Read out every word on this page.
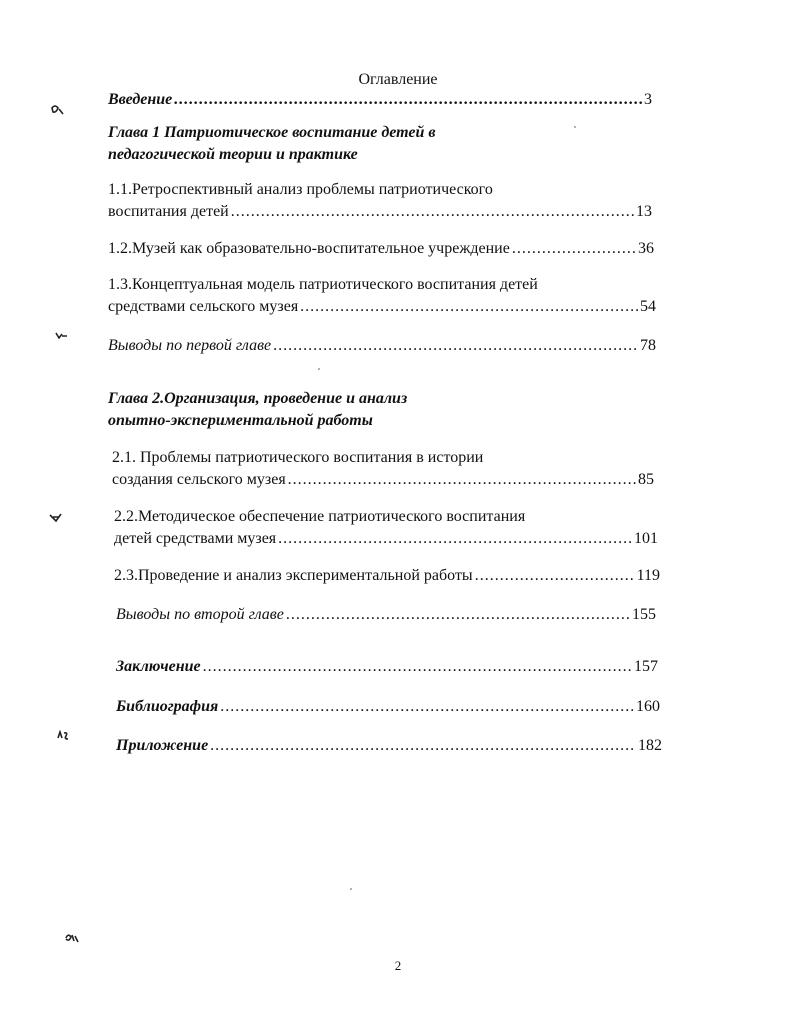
Оглавление
Введение .....	3
Глава 1 Патриотическое воспитание детей в
педагогической теории и практике
1.1.Ретроспективный анализ проблемы патриотического
воспитания детей .....	13
1.2.Музей как образовательно-воспитательное учреждение .....	36
1.3.Концептуальная модель патриотического воспитания детей
средствами сельского музея .....	54
Выводы по первой главе .....	78
Глава 2.Организация, проведение и анализ
опытно-экспериментальной работы
2.1. Проблемы патриотического воспитания в истории
создания сельского музея .....	85
2.2.Методическое обеспечение патриотического воспитания
детей средствами музея .....	101
2.3.Проведение и анализ экспериментальной работы .....	119
Выводы по второй главе .....	155
Заключение .....	157
Библиография .....	160
Приложение .....	182
2
